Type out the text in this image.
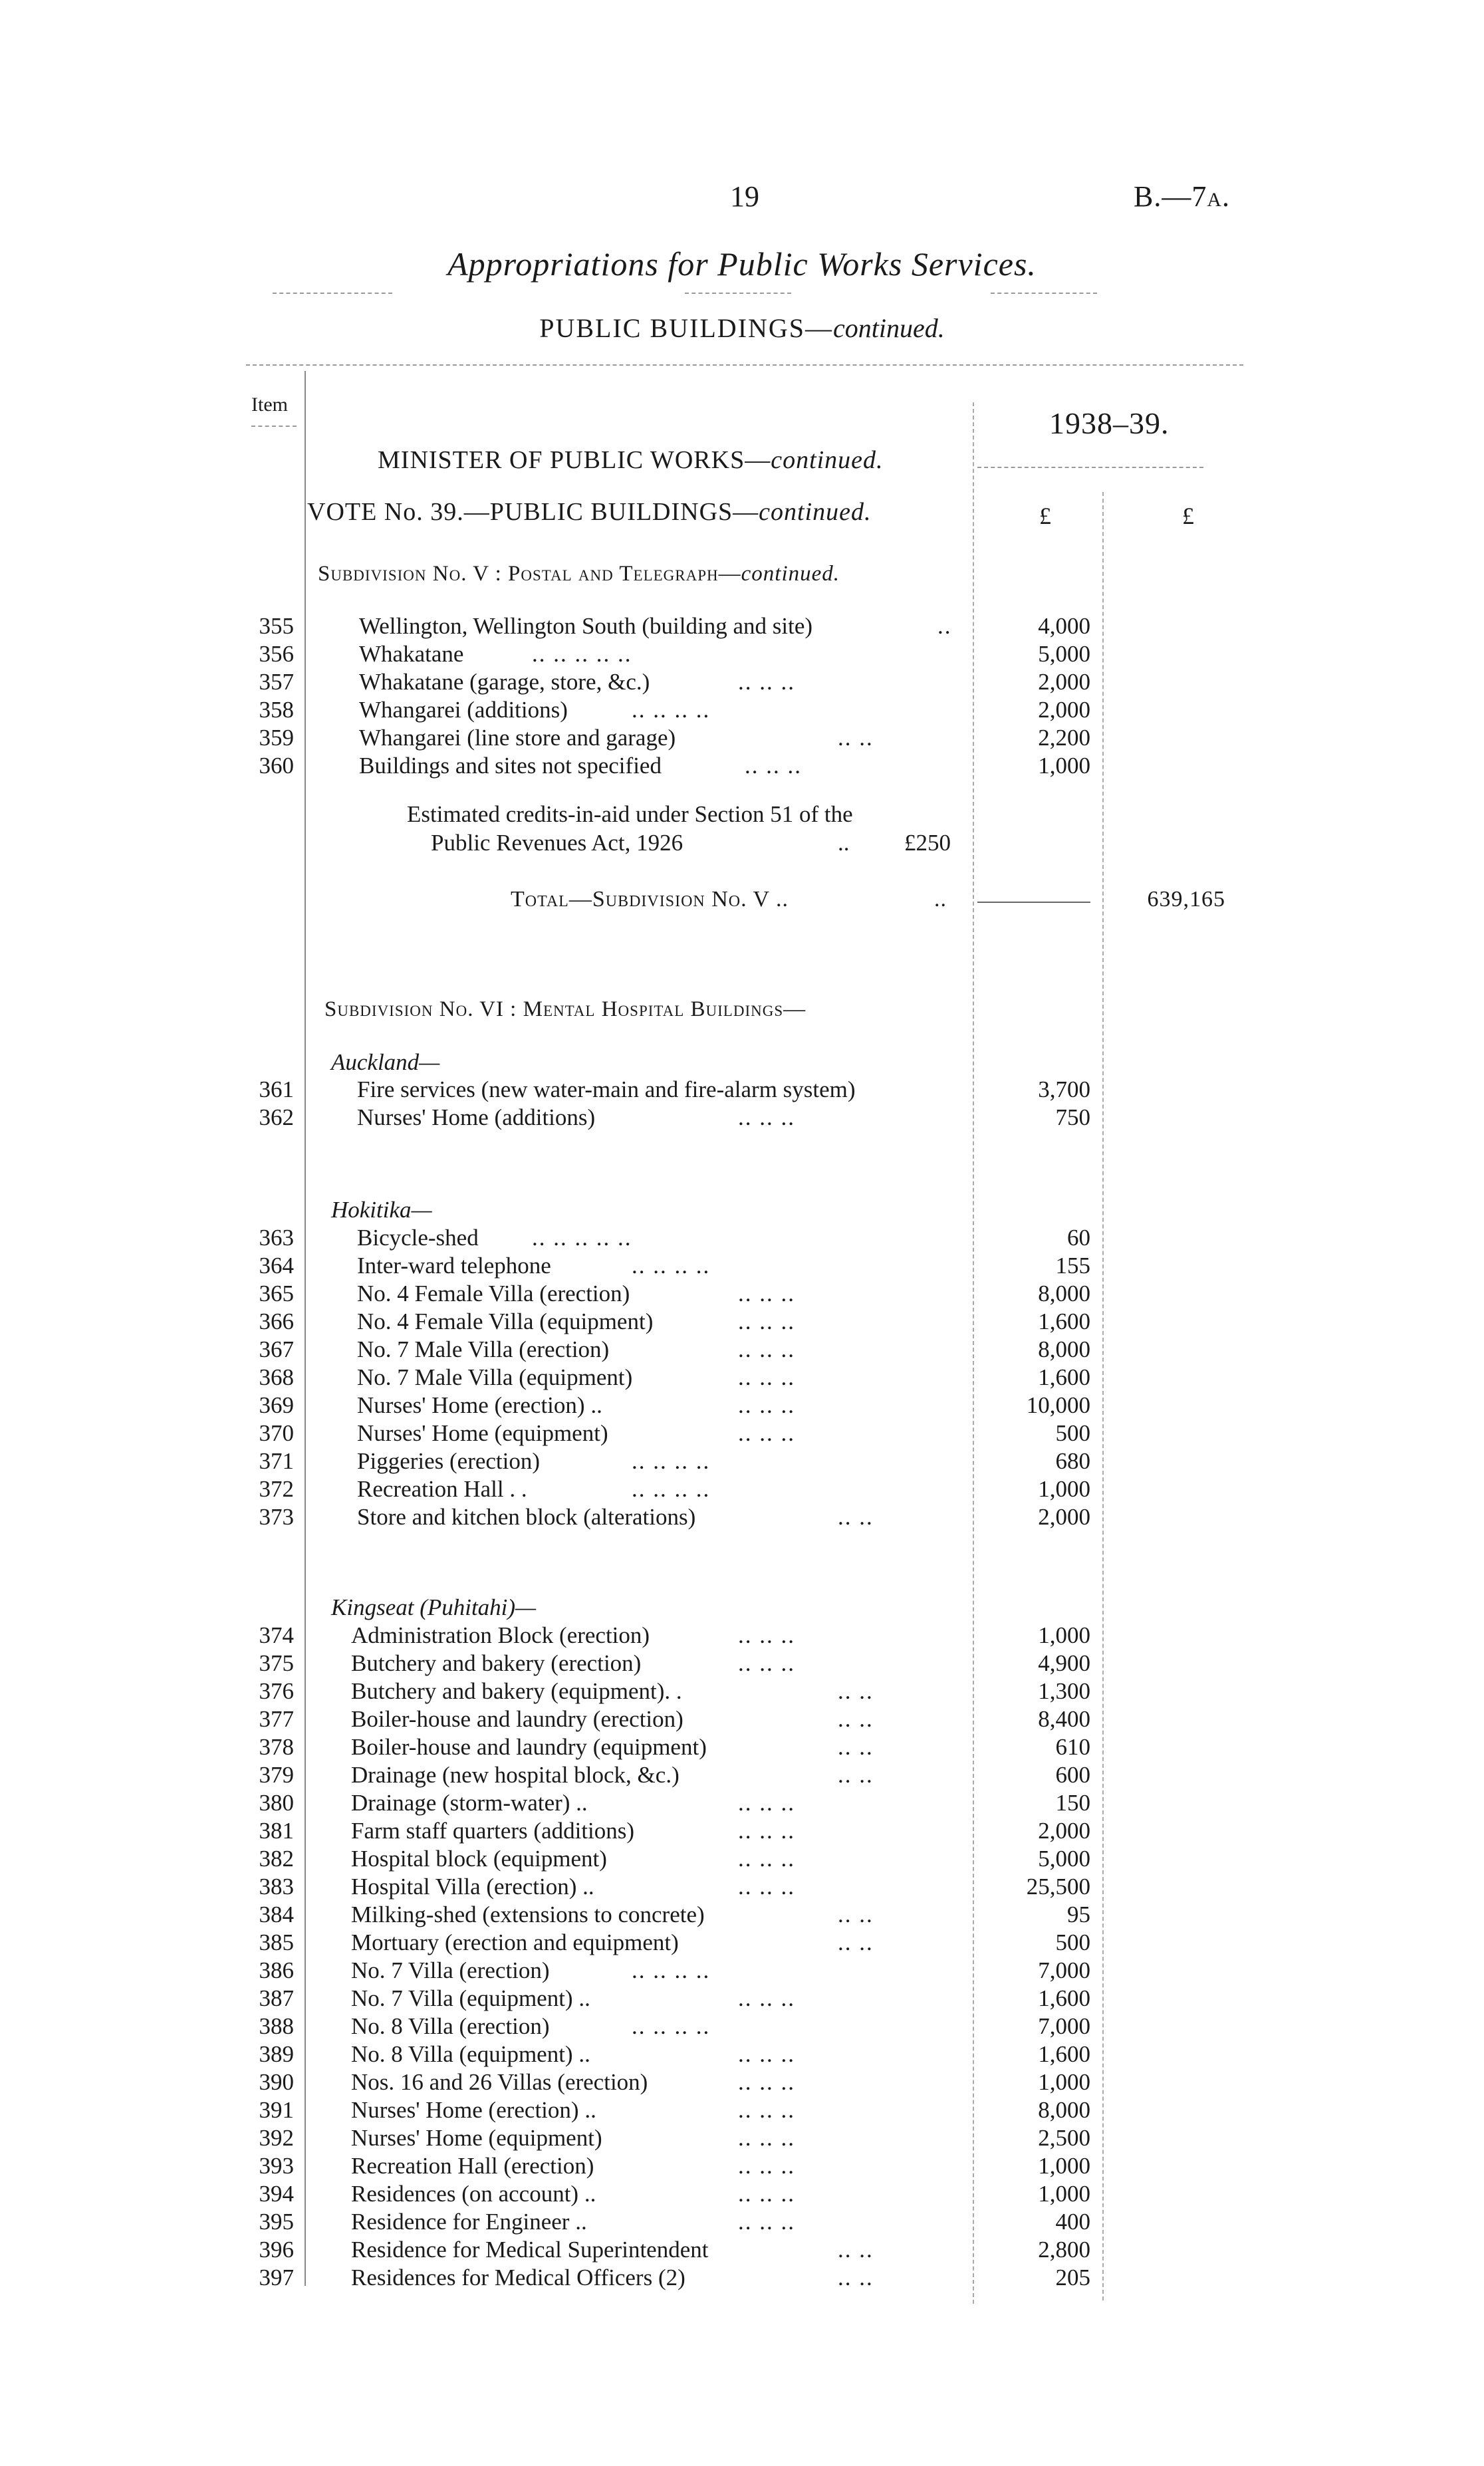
19	B.—7A.
Appropriations for Public Works Services.
PUBLIC BUILDINGS—continued.
Item
1938–39.
MINISTER OF PUBLIC WORKS—continued.
VOTE No. 39.—PUBLIC BUILDINGS—continued.	£	£
Subdivision No. V : Postal and Telegraph—continued.
355	Wellington, Wellington South (building and site)	..	4,000
356	Whakatane	.. .. .. .. ..	5,000
357	Whakatane (garage, store, &c.)	.. .. ..	2,000
358	Whangarei (additions)	.. .. .. ..	2,000
359	Whangarei (line store and garage)	.. ..	2,200
360	Buildings and sites not specified	.. .. ..	1,000
Estimated credits-in-aid under Section 51 of the
Public Revenues Act, 1926	.. £250
Total—Subdivision No. V ..	..	639,165
Subdivision No. VI : Mental Hospital Buildings—
Auckland—
361	Fire services (new water-main and fire-alarm system)	3,700
362	Nurses' Home (additions)	.. .. ..	750
Hokitika—
363	Bicycle-shed .. .. .. .. ..	60
364	Inter-ward telephone	.. .. .. ..	155
365	No. 4 Female Villa (erection)	.. .. ..	8,000
366	No. 4 Female Villa (equipment)	.. .. ..	1,600
367	No. 7 Male Villa (erection)	.. .. ..	8,000
368	No. 7 Male Villa (equipment)	.. .. ..	1,600
369	Nurses' Home (erection) ..	.. .. ..	10,000
370	Nurses' Home (equipment)	.. .. ..	500
371	Piggeries (erection)	.. .. .. ..	680
372	Recreation Hall . .	.. .. .. ..	1,000
373	Store and kitchen block (alterations)	.. ..	2,000
Kingseat (Puhitahi)—
374 Administration Block (erection)	.. .. ..	1,000
375 Butchery and bakery (erection)	.. .. ..	4,900
376 Butchery and bakery (equipment). .	.. ..	1,300
377 Boiler-house and laundry (erection)	.. ..	8,400
378 Boiler-house and laundry (equipment)	.. ..	610
379 Drainage (new hospital block, &c.)	.. ..	600
380 Drainage (storm-water) ..	.. .. ..	150
381 Farm staff quarters (additions)	.. .. ..	2,000
382 Hospital block (equipment)	.. .. ..	5,000
383 Hospital Villa (erection) ..	.. .. ..	25,500
384 Milking-shed (extensions to concrete)	.. ..	95
385 Mortuary (erection and equipment)	.. ..	500
386 No. 7 Villa (erection)	.. .. .. ..	7,000
387 No. 7 Villa (equipment) ..	.. .. ..	1,600
388 No. 8 Villa (erection)	.. .. .. ..	7,000
389 No. 8 Villa (equipment) ..	.. .. ..	1,600
390 Nos. 16 and 26 Villas (erection)	.. .. ..	1,000
391 Nurses' Home (erection) ..	.. .. ..	8,000
392 Nurses' Home (equipment)	.. .. ..	2,500
393 Recreation Hall (erection)	.. .. ..	1,000
394 Residences (on account) ..	.. .. ..	1,000
395 Residence for Engineer ..	.. .. ..	400
396 Residence for Medical Superintendent	.. ..	2,800
397 Residences for Medical Officers (2)	.. ..	205
